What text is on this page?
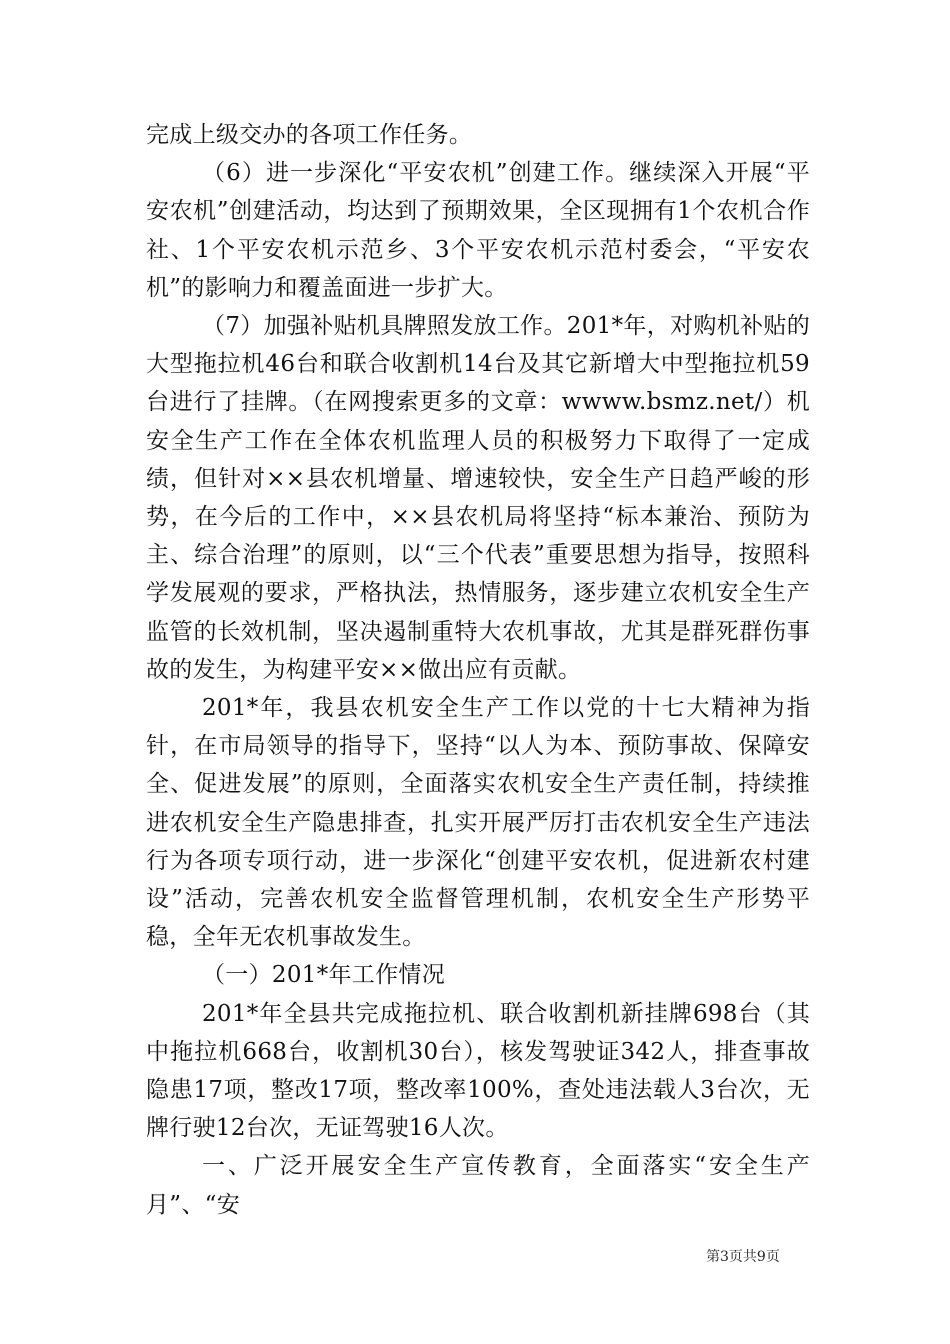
完成上级交办的各项工作任务。

（6）进一步深化“平安农机”创建工作。继续深入开展“平安农机”创建活动，均达到了预期效果，全区现拥有1个农机合作社、1个平安农机示范乡、3个平安农机示范村委会，“平安农机”的影响力和覆盖面进一步扩大。

（7）加强补贴机具牌照发放工作。201*年，对购机补贴的大型拖拉机46台和联合收割机14台及其它新增大中型拖拉机59台进行了挂牌。（在网搜索更多的文章：wwww.bsmz.net/）机安全生产工作在全体农机监理人员的积极努力下取得了一定成绩，但针对××县农机增量、增速较快，安全生产日趋严峻的形势，在今后的工作中，××县农机局将坚持“标本兼治、预防为主、综合治理”的原则，以“三个代表”重要思想为指导，按照科学发展观的要求，严格执法，热情服务，逐步建立农机安全生产监管的长效机制，坚决遏制重特大农机事故，尤其是群死群伤事故的发生，为构建平安××做出应有贡献。

201*年，我县农机安全生产工作以党的十七大精神为指针，在市局领导的指导下，坚持“以人为本、预防事故、保障安全、促进发展”的原则，全面落实农机安全生产责任制，持续推进农机安全生产隐患排查，扎实开展严厉打击农机安全生产违法行为各项专项行动，进一步深化“创建平安农机，促进新农村建设”活动，完善农机安全监督管理机制，农机安全生产形势平稳，全年无农机事故发生。

（一）201*年工作情况

201*年全县共完成拖拉机、联合收割机新挂牌698台（其中拖拉机668台，收割机30台），核发驾驶证342人，排查事故隐患17项，整改17项，整改率100%，查处违法载人3台次，无牌行驶12台次，无证驾驶16人次。

一、广泛开展安全生产宣传教育，全面落实“安全生产月”、“安

第3页共9页
